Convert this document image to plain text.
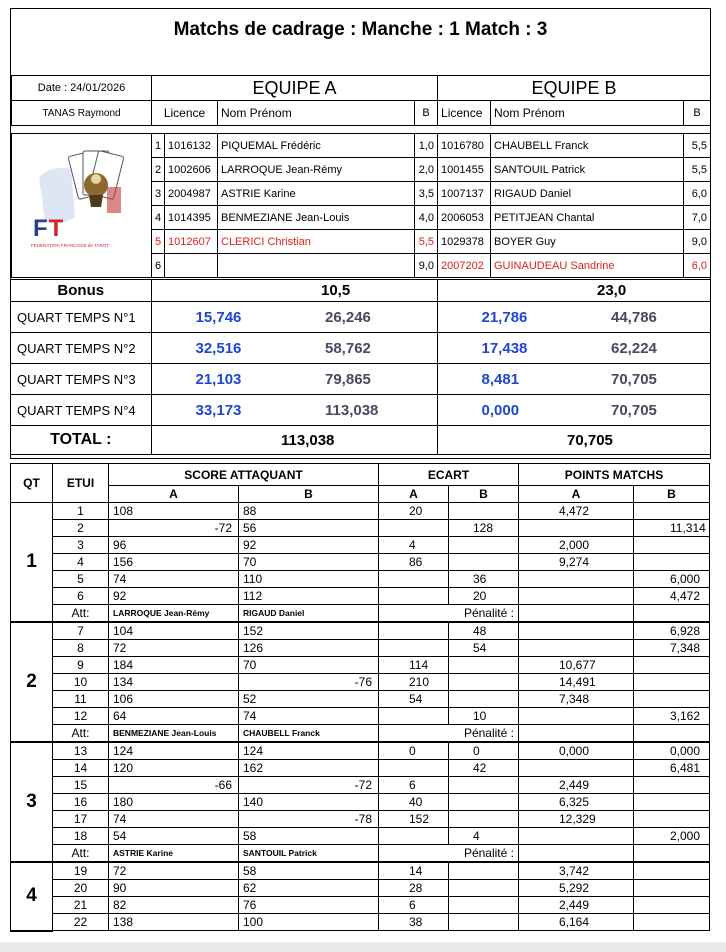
Matchs de cadrage : Manche : 1 Match : 3
Date : 24/01/2026	EQUIPE A			EQUIPE B		
TANAS Raymond	Licence	Nom Prénom	B	Licence	Nom Prénom	B
	1	1016132	PIQUEMAL Frédéric	1,0	1016780	CHAUBELL Franck	5,5
	2	1002606	LARROQUE Jean-Rémy	2,0	1001455	SANTOUIL Patrick	5,5
	3	2004987	ASTRIE Karine	3,5	1007137	RIGAUD Daniel	6,0
	4	1014395	BENMEZIANE Jean-Louis	4,0	2006053	PETITJEAN Chantal	7,0
	5	1012607	CLERICI Christian	5,5	1029378	BOYER Guy	9,0
	6			9,0	2007202	GUINAUDEAU Sandrine	6,0
Bonus		10,5		23,0
QUART TEMPS N°1	15,746	26,246	21,786	44,786
QUART TEMPS N°2	32,516	58,762	17,438	62,224
QUART TEMPS N°3	21,103	79,865	8,481	70,705
QUART TEMPS N°4	33,173	113,038	0,000	70,705
TOTAL :		113,038		70,705
FT
FEDERATION FRANCAISE de TAROT
QT	ETUI	SCORE ATTAQUANT				ECART		POINTS MATCHS	
		A		B		A	B	A	B
1	1	108		88		20		4,472	
	2		-72	56			128		11,314
	3	96		92		4		2,000	
	4	156		70		86		9,274	
	5	74		110			36		6,000
	6	92		112			20		4,472
	Att:	LARROQUE Jean-Rémy		RIGAUD Daniel		Pénalité :			
2	7	104		152			48		6,928
	8	72		126			54		7,348
	9	184		70		114		10,677	
	10	134			-76	210		14,491	
	11	106		52		54		7,348	
	12	64		74			10		3,162
	Att:	BENMEZIANE Jean-Louis		CHAUBELL Franck		Pénalité :			
3	13	124		124		0	0	0,000	0,000
	14	120		162			42		6,481
	15		-66		-72	6		2,449	
	16	180		140		40		6,325	
	17	74			-78	152		12,329	
	18	54		58			4		2,000
	Att:	ASTRIE Karine		SANTOUIL Patrick		Pénalité :			
4	19	72		58		14		3,742	
	20	90		62		28		5,292	
	21	82		76		6		2,449	
	22	138		100		38		6,164	
